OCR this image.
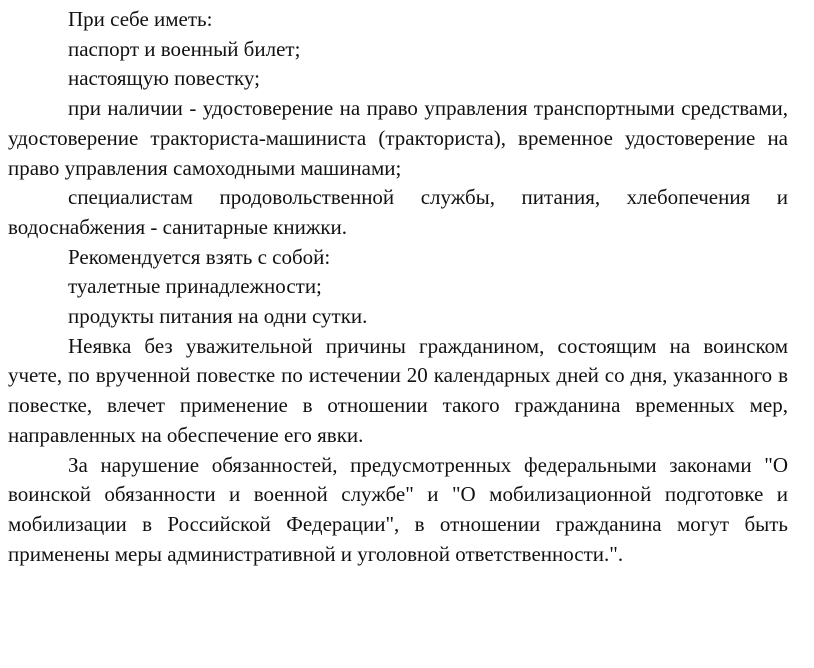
При себе иметь:

паспорт и военный билет;

настоящую повестку;

при наличии - удостоверение на право управления транспортными средствами, удостоверение тракториста-машиниста (тракториста), временное удостоверение на право управления самоходными машинами;

специалистам продовольственной службы, питания, хлебопечения и водоснабжения - санитарные книжки.

Рекомендуется взять с собой:

туалетные принадлежности;

продукты питания на одни сутки.

Неявка без уважительной причины гражданином, состоящим на воинском учете, по врученной повестке по истечении 20 календарных дней со дня, указанного в повестке, влечет применение в отношении такого гражданина временных мер, направленных на обеспечение его явки.

За нарушение обязанностей, предусмотренных федеральными законами "О воинской обязанности и военной службе" и "О мобилизационной подготовке и мобилизации в Российской Федерации", в отношении гражданина могут быть применены меры административной и уголовной ответственности.".
